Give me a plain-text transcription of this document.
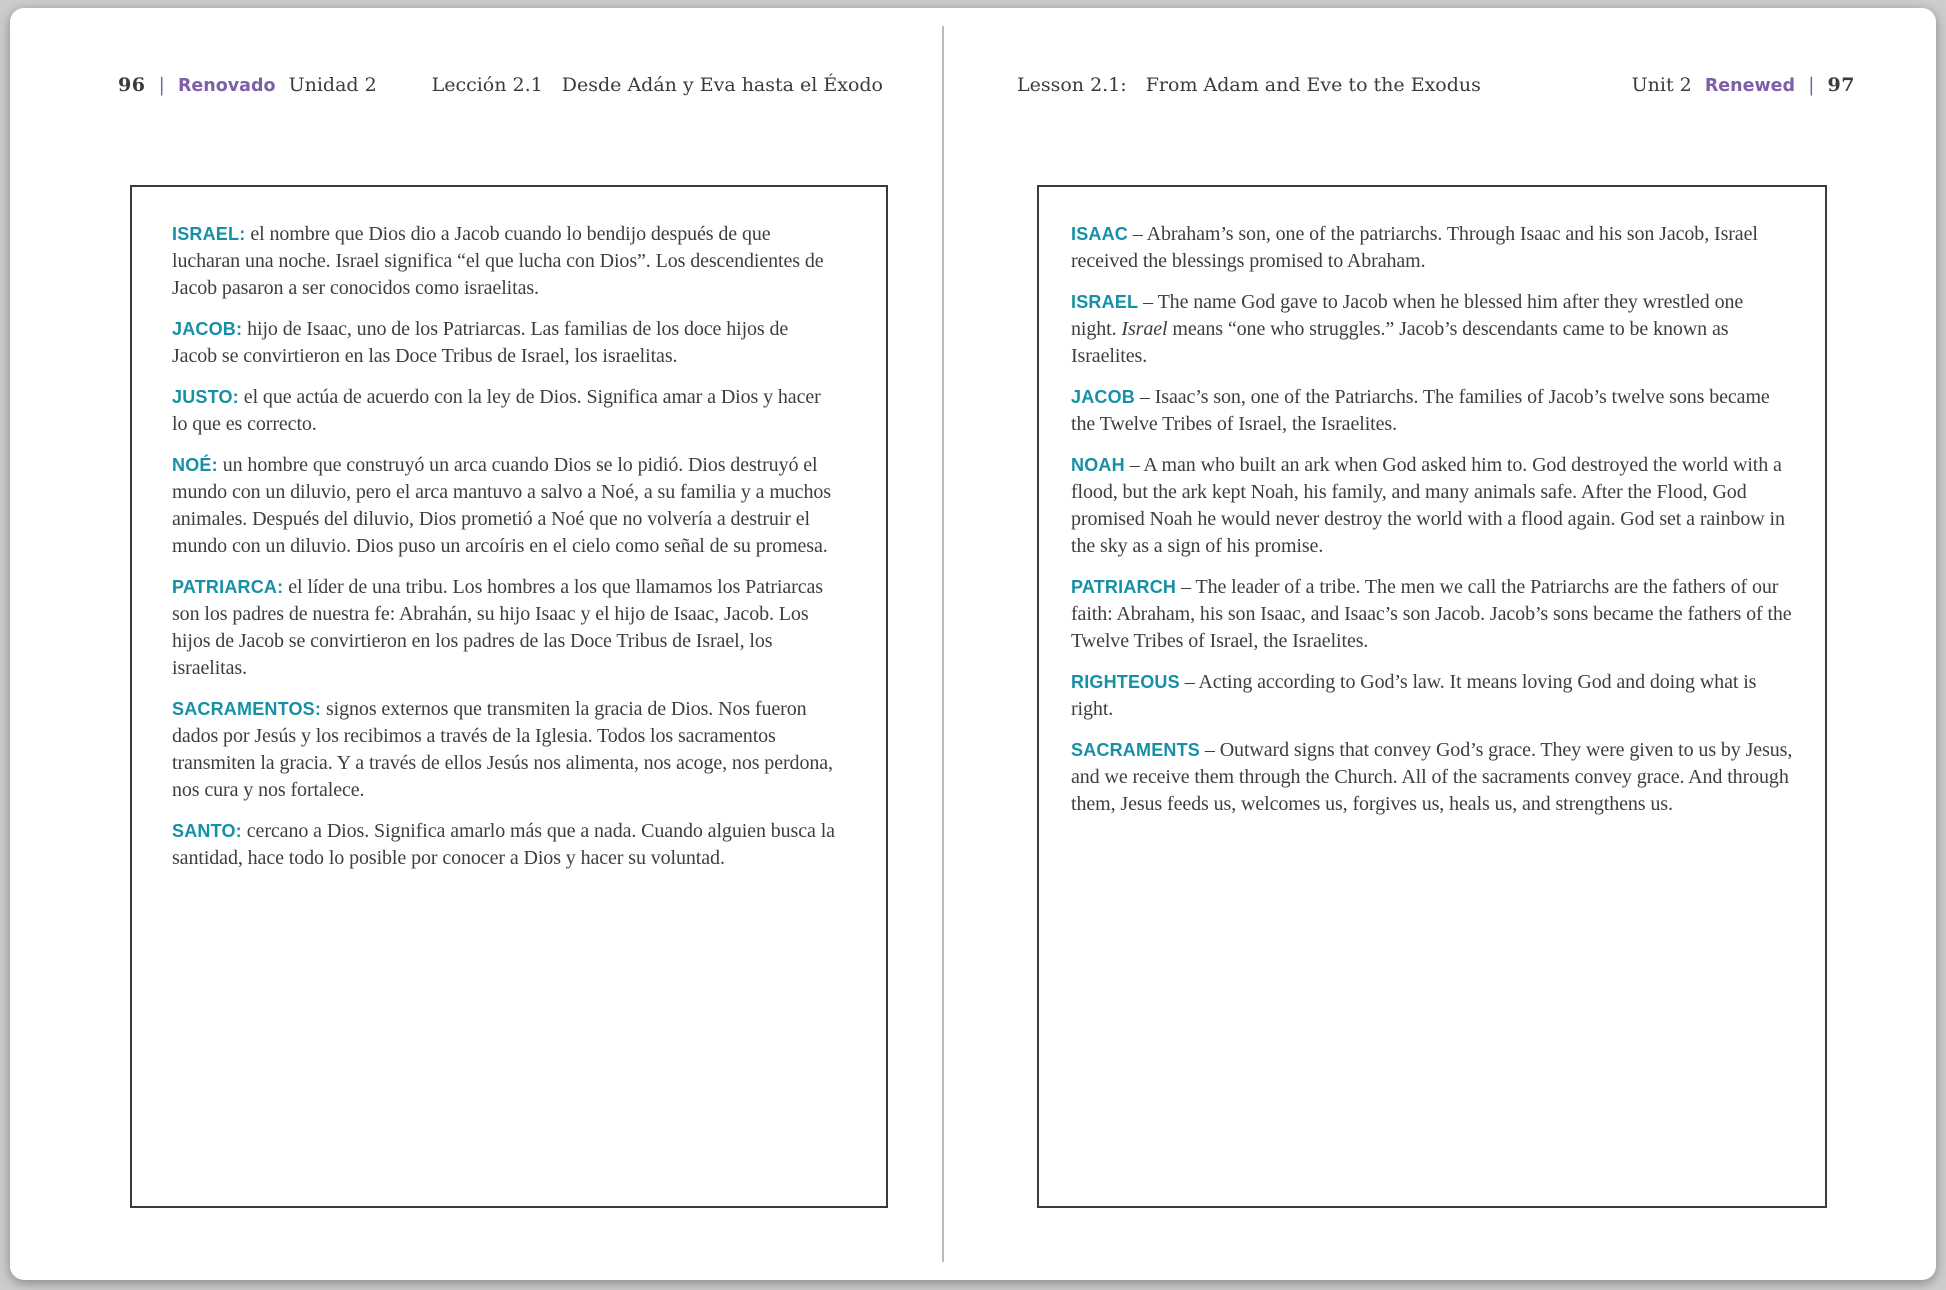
96 | Renovado Unidad 2	Lección 2.1 Desde Adán y Eva hasta el Éxodo	Lesson 2.1: From Adam and Eve to the Exodus	Unit 2 Renewed | 97

ISRAEL: el nombre que Dios dio a Jacob cuando lo bendijo después de que lucharan una noche. Israel significa “el que lucha con Dios”. Los descendientes de Jacob pasaron a ser conocidos como israelitas.

JACOB: hijo de Isaac, uno de los Patriarcas. Las familias de los doce hijos de Jacob se convirtieron en las Doce Tribus de Israel, los israelitas.

JUSTO: el que actúa de acuerdo con la ley de Dios. Significa amar a Dios y hacer lo que es correcto.

NOÉ: un hombre que construyó un arca cuando Dios se lo pidió. Dios destruyó el mundo con un diluvio, pero el arca mantuvo a salvo a Noé, a su familia y a muchos animales. Después del diluvio, Dios prometió a Noé que no volvería a destruir el mundo con un diluvio. Dios puso un arcoíris en el cielo como señal de su promesa.

PATRIARCA: el líder de una tribu. Los hombres a los que llamamos los Patriarcas son los padres de nuestra fe: Abrahán, su hijo Isaac y el hijo de Isaac, Jacob. Los hijos de Jacob se convirtieron en los padres de las Doce Tribus de Israel, los israelitas.

SACRAMENTOS: signos externos que transmiten la gracia de Dios. Nos fueron dados por Jesús y los recibimos a través de la Iglesia. Todos los sacramentos transmiten la gracia. Y a través de ellos Jesús nos alimenta, nos acoge, nos perdona, nos cura y nos fortalece.

SANTO: cercano a Dios. Significa amarlo más que a nada. Cuando alguien busca la santidad, hace todo lo posible por conocer a Dios y hacer su voluntad.

ISAAC – Abraham’s son, one of the patriarchs. Through Isaac and his son Jacob, Israel received the blessings promised to Abraham.

ISRAEL – The name God gave to Jacob when he blessed him after they wrestled one night. Israel means “one who struggles.” Jacob’s descendants came to be known as Israelites.

JACOB – Isaac’s son, one of the Patriarchs. The families of Jacob’s twelve sons became the Twelve Tribes of Israel, the Israelites.

NOAH – A man who built an ark when God asked him to. God destroyed the world with a flood, but the ark kept Noah, his family, and many animals safe. After the Flood, God promised Noah he would never destroy the world with a flood again. God set a rainbow in the sky as a sign of his promise.

PATRIARCH – The leader of a tribe. The men we call the Patriarchs are the fathers of our faith: Abraham, his son Isaac, and Isaac’s son Jacob. Jacob’s sons became the fathers of the Twelve Tribes of Israel, the Israelites.

RIGHTEOUS – Acting according to God’s law. It means loving God and doing what is right.

SACRAMENTS – Outward signs that convey God’s grace. They were given to us by Jesus, and we receive them through the Church. All of the sacraments convey grace. And through them, Jesus feeds us, welcomes us, forgives us, heals us, and strengthens us.
